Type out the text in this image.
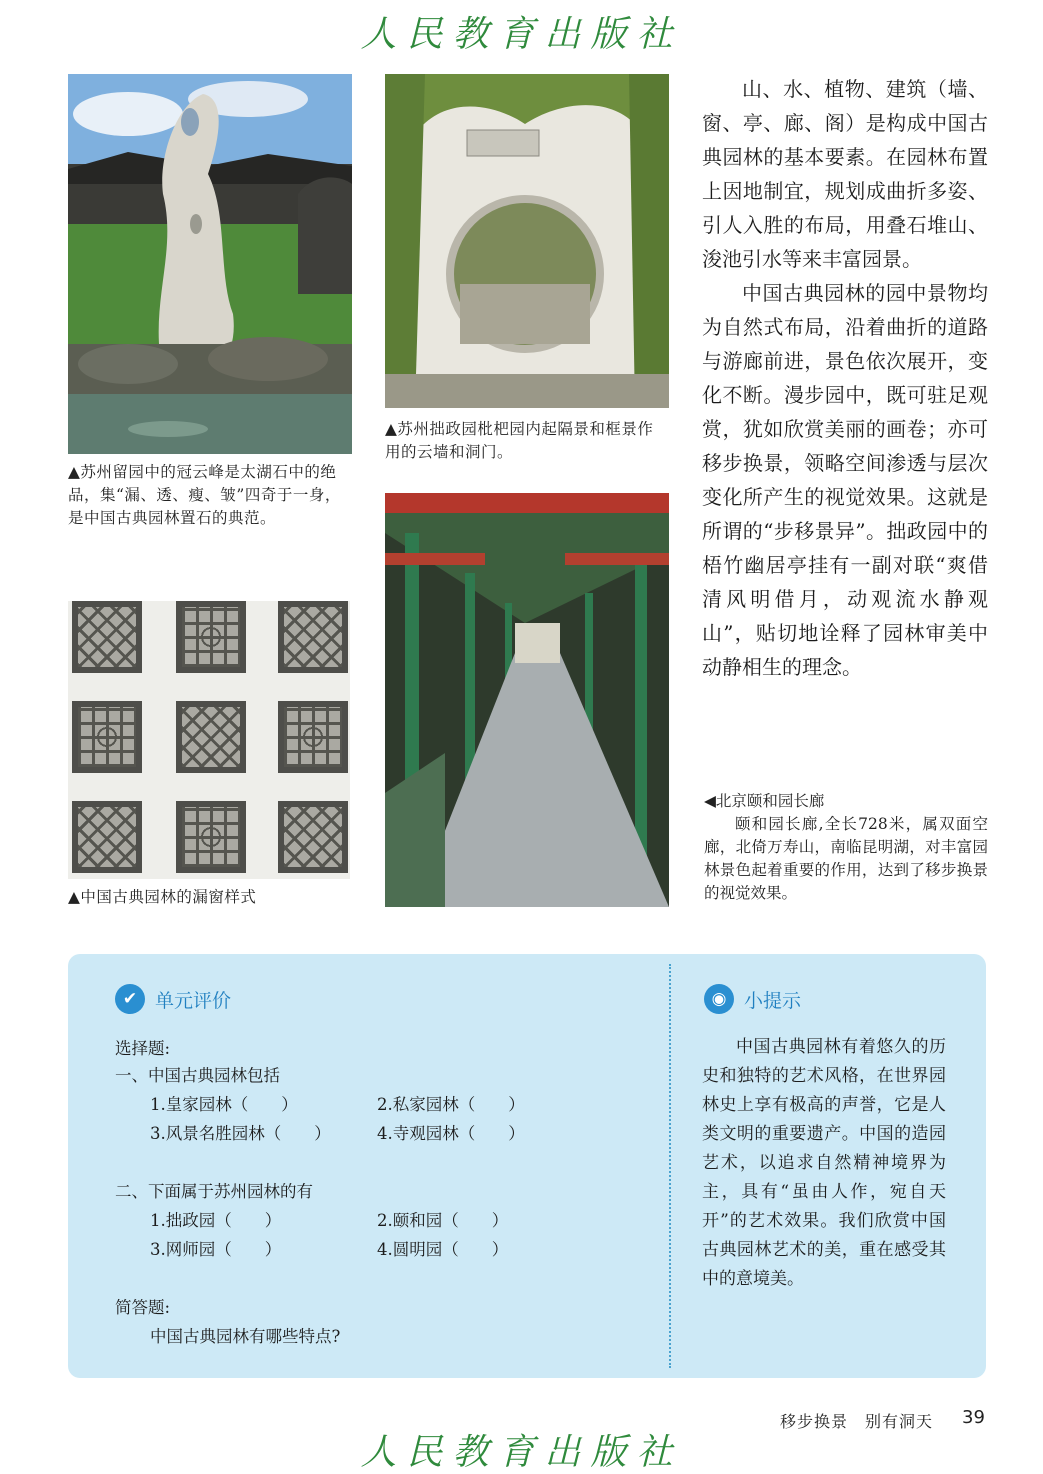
人民教育出版社
▲苏州留园中的冠云峰是太湖石中的绝品，集“漏、透、瘦、皱”四奇于一身，是中国古典园林置石的典范。
▲苏州拙政园枇杷园内起隔景和框景作用的云墙和洞门。
▲中国古典园林的漏窗样式

山、水、植物、建筑（墙、窗、亭、廊、阁）是构成中国古典园林的基本要素。在园林布置上因地制宜，规划成曲折多姿、引人入胜的布局，用叠石堆山、浚池引水等来丰富园景。

中国古典园林的园中景物均为自然式布局，沿着曲折的道路与游廊前进，景色依次展开，变化不断。漫步园中，既可驻足观赏，犹如欣赏美丽的画卷；亦可移步换景，领略空间渗透与层次变化所产生的视觉效果。这就是所谓的“步移景异”。拙政园中的梧竹幽居亭挂有一副对联“爽借清风明借月，动观流水静观山”，贴切地诠释了园林审美中动静相生的理念。

◀北京颐和园长廊
颐和园长廊,全长728米，属双面空廊，北倚万寿山，南临昆明湖，对丰富园林景色起着重要的作用，达到了移步换景的视觉效果。
✔ 单元评价
选择题:
一、中国古典园林包括
1.皇家园林（　　）	2.私家园林（　　）
3.风景名胜园林（　　）	4.寺观园林（　　）
二、下面属于苏州园林的有
1.拙政园（　　）	2.颐和园（　　）
3.网师园（　　）	4.圆明园（　　）
简答题:
中国古典园林有哪些特点?
◉ 小提示

中国古典园林有着悠久的历史和独特的艺术风格，在世界园林史上享有极高的声誉，它是人类文明的重要遗产。中国的造园艺术，以追求自然精神境界为主，具有“虽由人作，宛自天开”的艺术效果。我们欣赏中国古典园林艺术的美，重在感受其中的意境美。

移步换景　别有洞天 39
人民教育出版社
